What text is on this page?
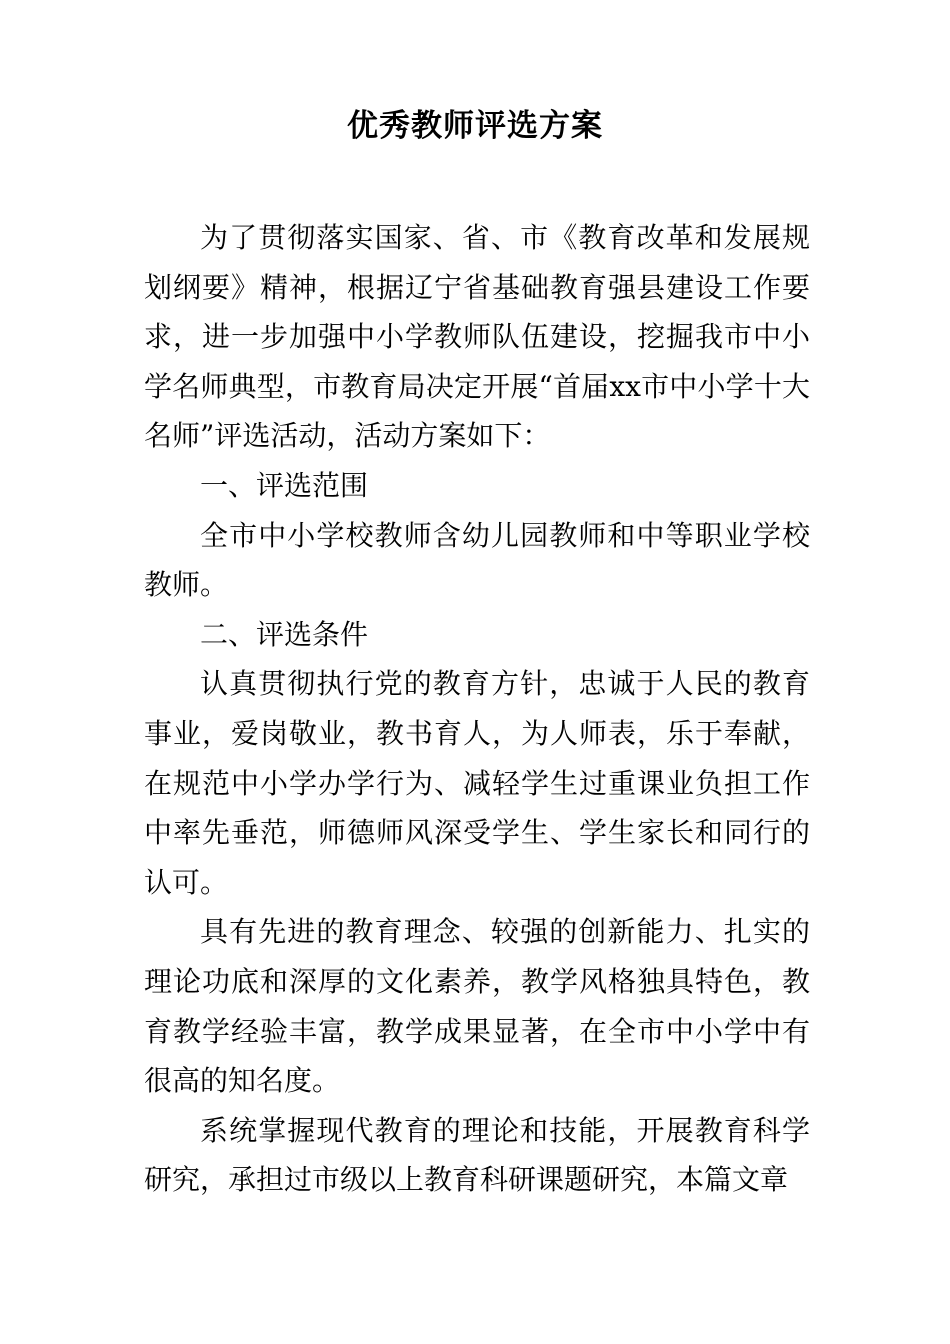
优秀教师评选方案

为了贯彻落实国家、省、市《教育改革和发展规划纲要》精神，根据辽宁省基础教育强县建设工作要求，进一步加强中小学教师队伍建设，挖掘我市中小学名师典型，市教育局决定开展“首届xx市中小学十大名师”评选活动，活动方案如下：

一、评选范围

全市中小学校教师含幼儿园教师和中等职业学校教师。

二、评选条件

认真贯彻执行党的教育方针，忠诚于人民的教育事业，爱岗敬业，教书育人，为人师表，乐于奉献，在规范中小学办学行为、减轻学生过重课业负担工作中率先垂范，师德师风深受学生、学生家长和同行的认可。

具有先进的教育理念、较强的创新能力、扎实的理论功底和深厚的文化素养，教学风格独具特色，教育教学经验丰富，教学成果显著，在全市中小学中有很高的知名度。

系统掌握现代教育的理论和技能，开展教育科学研究，承担过市级以上教育科研课题研究，本篇文章
